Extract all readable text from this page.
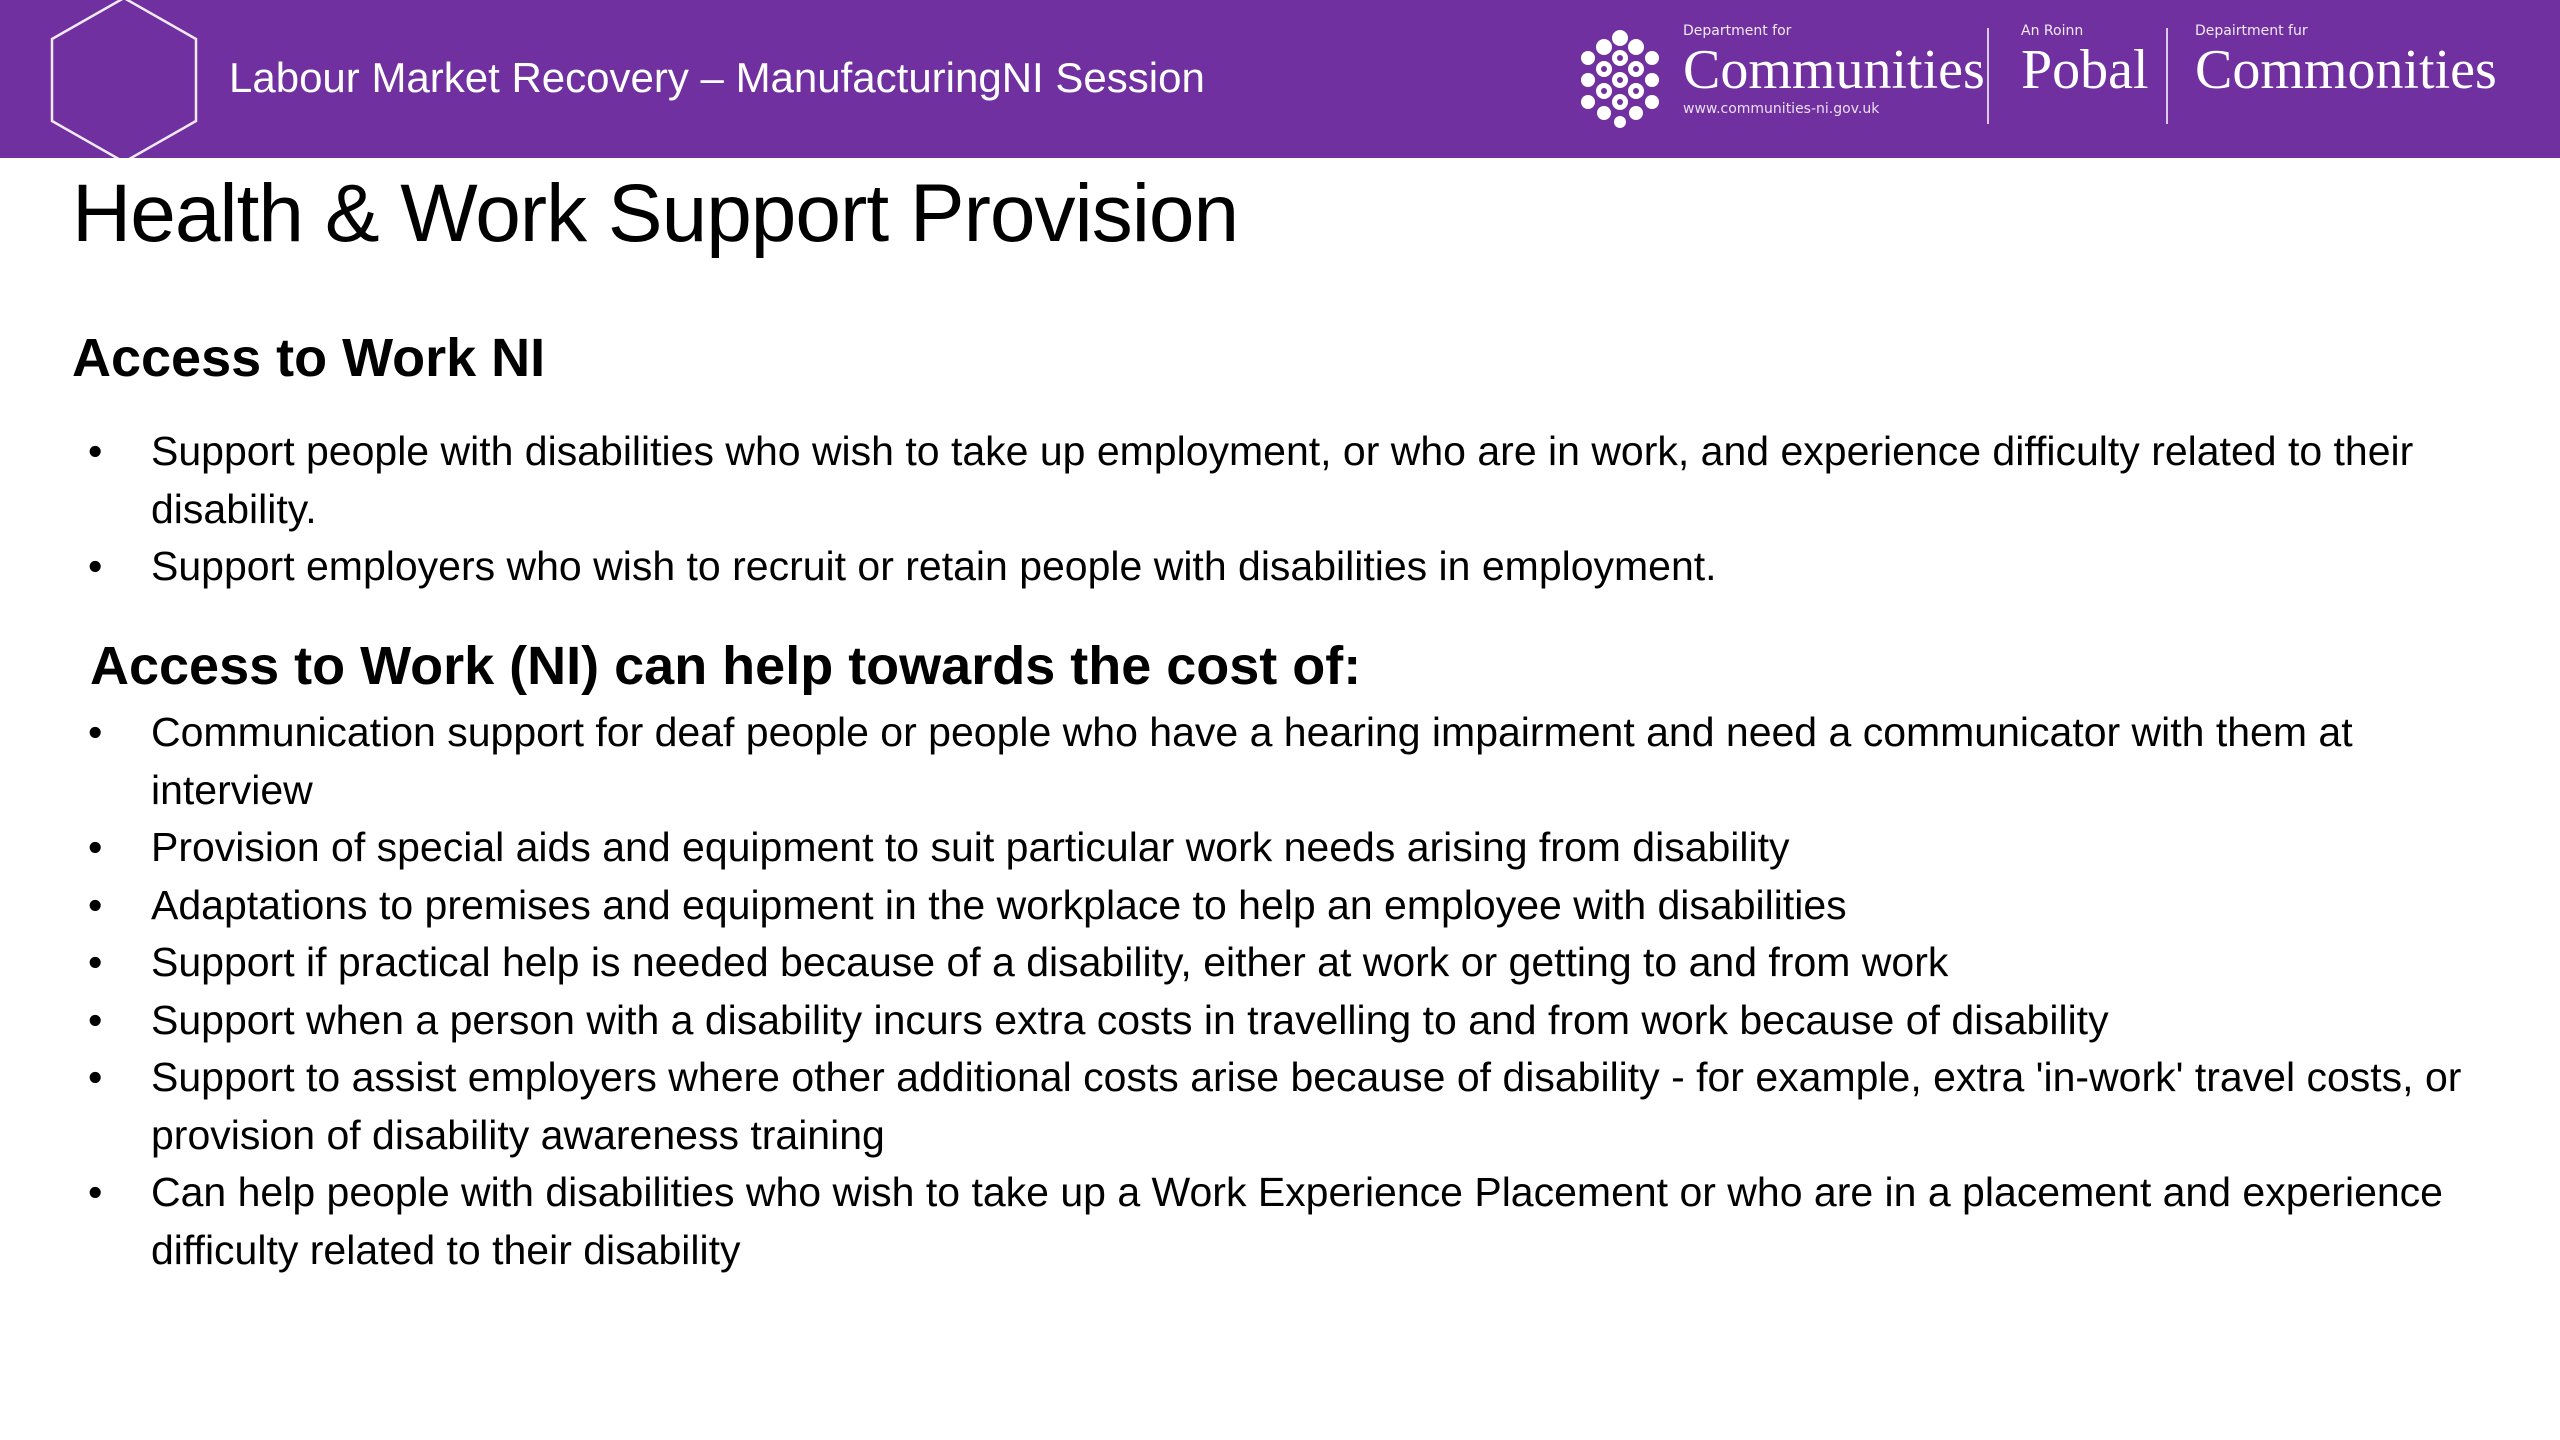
Labour Market Recovery – ManufacturingNI Session
Department for
Communities
www.communities-ni.gov.uk
An Roinn
Pobal
Depairtment fur
Commonities
Health & Work Support Provision
Access to Work NI
• Support people with disabilities who wish to take up employment, or who are in work, and experience difficulty related to their disability.
• Support employers who wish to recruit or retain people with disabilities in employment.
Access to Work (NI) can help towards the cost of:
• Communication support for deaf people or people who have a hearing impairment and need a communicator with them at interview
• Provision of special aids and equipment to suit particular work needs arising from disability
• Adaptations to premises and equipment in the workplace to help an employee with disabilities
• Support if practical help is needed because of a disability, either at work or getting to and from work
• Support when a person with a disability incurs extra costs in travelling to and from work because of disability
• Support to assist employers where other additional costs arise because of disability - for example, extra 'in-work' travel costs, or provision of disability awareness training
• Can help people with disabilities who wish to take up a Work Experience Placement or who are in a placement and experience difficulty related to their disability
